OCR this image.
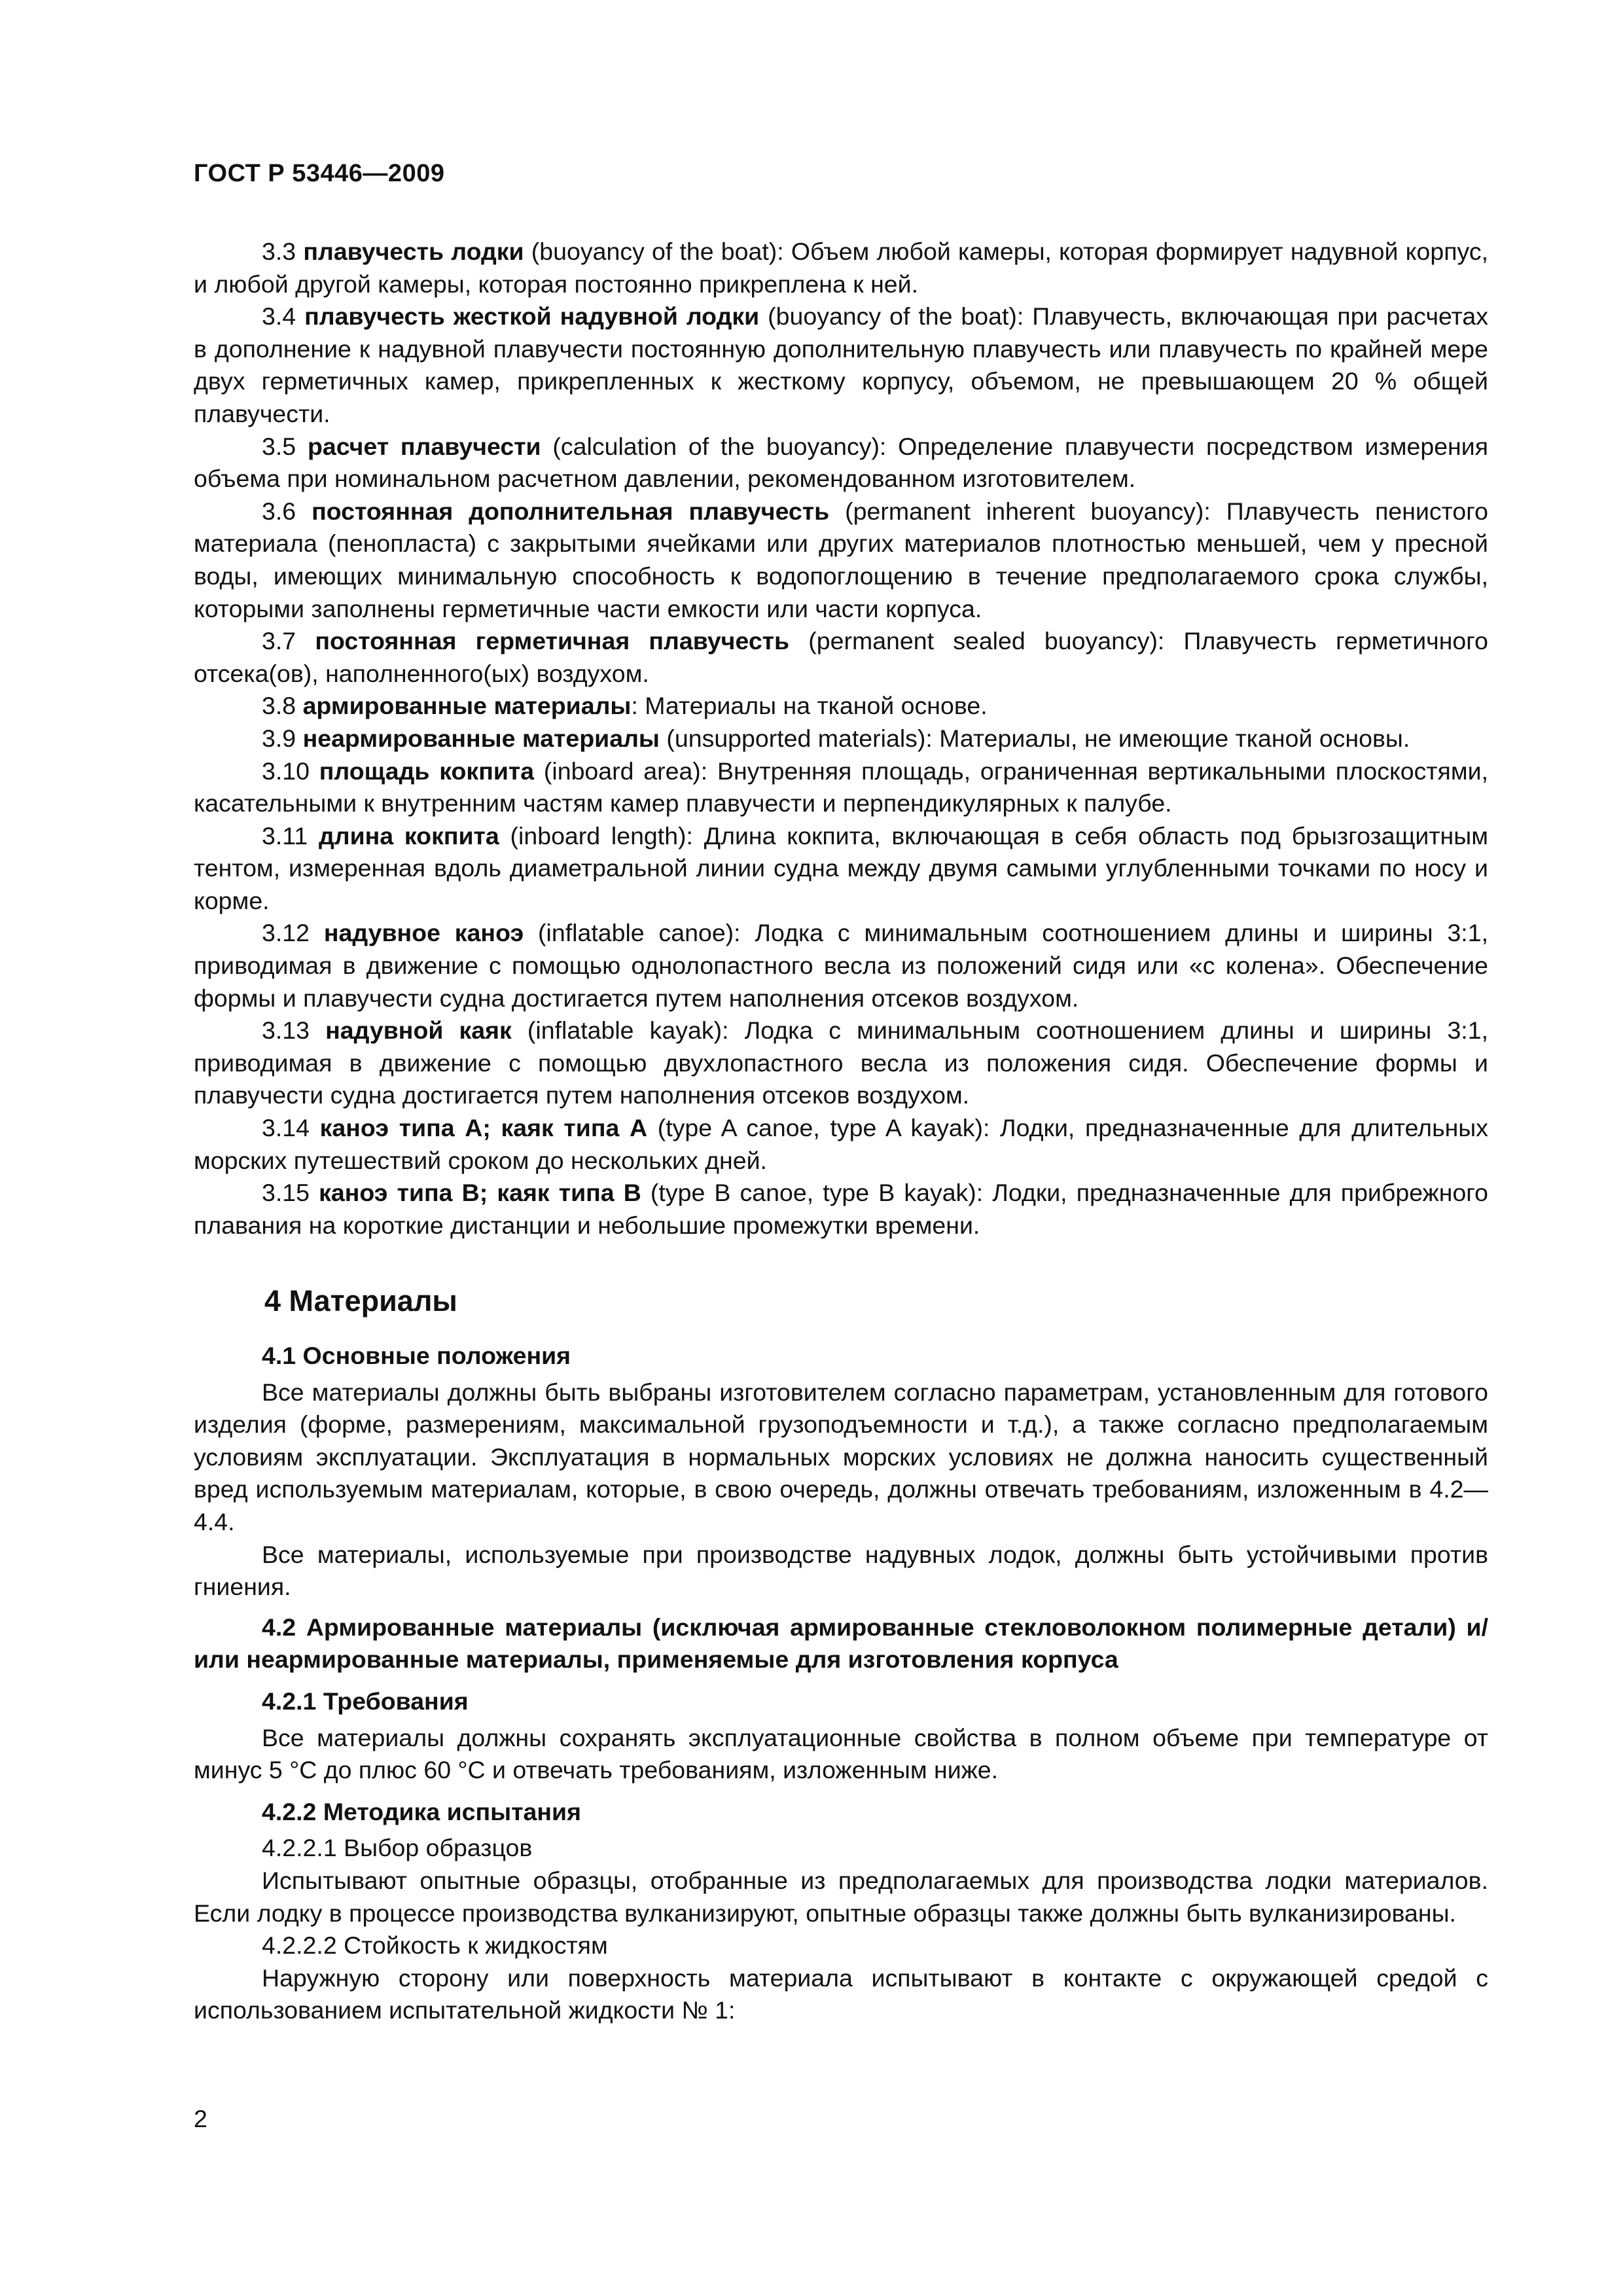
ГОСТ Р 53446—2009

3.3 плавучесть лодки (buoyancy of the boat): Объем любой камеры, которая формирует надувной корпус, и любой другой камеры, которая постоянно прикреплена к ней.

3.4 плавучесть жесткой надувной лодки (buoyancy of the boat): Плавучесть, включающая при расчетах в дополнение к надувной плавучести постоянную дополнительную плавучесть или плавучесть по крайней мере двух герметичных камер, прикрепленных к жесткому корпусу, объемом, не превышающем 20 % общей плавучести.

3.5 расчет плавучести (calculation of the buoyancy): Определение плавучести посредством измерения объема при номинальном расчетном давлении, рекомендованном изготовителем.

3.6 постоянная дополнительная плавучесть (permanent inherent buoyancy): Плавучесть пенистого материала (пенопласта) с закрытыми ячейками или других материалов плотностью меньшей, чем у пресной воды, имеющих минимальную способность к водопоглощению в течение предполагаемого срока службы, которыми заполнены герметичные части емкости или части корпуса.

3.7 постоянная герметичная плавучесть (permanent sealed buoyancy): Плавучесть герметичного отсека(ов), наполненного(ых) воздухом.

3.8 армированные материалы: Материалы на тканой основе.

3.9 неармированные материалы (unsupported materials): Материалы, не имеющие тканой основы.

3.10 площадь кокпита (inboard area): Внутренняя площадь, ограниченная вертикальными плоскостями, касательными к внутренним частям камер плавучести и перпендикулярных к палубе.

3.11 длина кокпита (inboard length): Длина кокпита, включающая в себя область под брызгозащитным тентом, измеренная вдоль диаметральной линии судна между двумя самыми углубленными точками по носу и корме.

3.12 надувное каноэ (inflatable canoe): Лодка с минимальным соотношением длины и ширины 3:1, приводимая в движение с помощью однолопастного весла из положений сидя или «с колена». Обеспечение формы и плавучести судна достигается путем наполнения отсеков воздухом.

3.13 надувной каяк (inflatable kayak): Лодка с минимальным соотношением длины и ширины 3:1, приводимая в движение с помощью двухлопастного весла из положения сидя. Обеспечение формы и плавучести судна достигается путем наполнения отсеков воздухом.

3.14 каноэ типа А; каяк типа А (type A canoe, type A kayak): Лодки, предназначенные для длительных морских путешествий сроком до нескольких дней.

3.15 каноэ типа В; каяк типа В (type B canoe, type B kayak): Лодки, предназначенные для прибрежного плавания на короткие дистанции и небольшие промежутки времени.

4 Материалы
4.1 Основные положения

Все материалы должны быть выбраны изготовителем согласно параметрам, установленным для готового изделия (форме, размерениям, максимальной грузоподъемности и т.д.), а также согласно предполагаемым условиям эксплуатации. Эксплуатация в нормальных морских условиях не должна наносить существенный вред используемым материалам, которые, в свою очередь, должны отвечать требованиям, изложенным в 4.2—4.4.

Все материалы, используемые при производстве надувных лодок, должны быть устойчивыми против гниения.

4.2 Армированные материалы (исключая армированные стекловолокном полимерные детали) и/или неармированные материалы, применяемые для изготовления корпуса

4.2.1 Требования

Все материалы должны сохранять эксплуатационные свойства в полном объеме при температуре от минус 5 °С до плюс 60 °С и отвечать требованиям, изложенным ниже.

4.2.2 Методика испытания

4.2.2.1 Выбор образцов

Испытывают опытные образцы, отобранные из предполагаемых для производства лодки материалов. Если лодку в процессе производства вулканизируют, опытные образцы также должны быть вулканизированы.

4.2.2.2 Стойкость к жидкостям

Наружную сторону или поверхность материала испытывают в контакте с окружающей средой с использованием испытательной жидкости № 1:

2
